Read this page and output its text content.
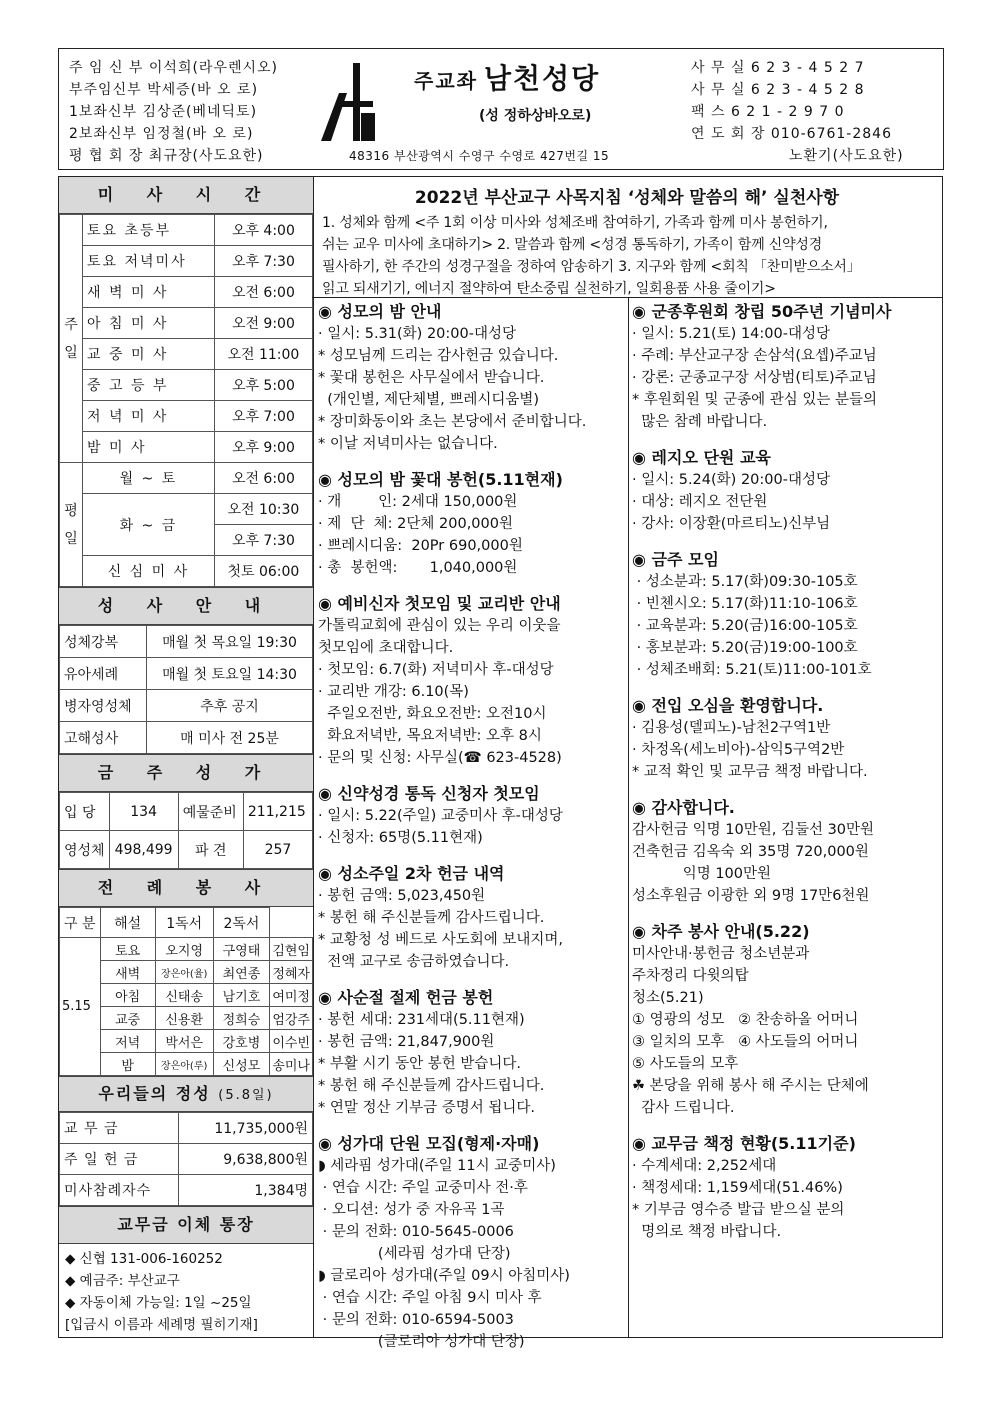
주 임 신 부 이석희(라우렌시오)
부주임신부 박세증(바 오 로)
1보좌신부 김상준(베네딕토)
2보좌신부 임정철(바 오 로)
평 협 회 장 최규장(사도요한)
주교좌 남천성당
(성 정하상바오로)
48316 부산광역시 수영구 수영로 427번길 15
사 무 실 6 2 3 - 4 5 2 7
사 무 실 6 2 3 - 4 5 2 8
팩 스 6 2 1 - 2 9 7 0
연 도 회 장 010-6761-2846
노환기(사도요한)
미 사 시 간
주일	토요 초등부	오후 4:00
	토요 저녁미사	오후 7:30
	새 벽 미 사	오전 6:00
	아 침 미 사	오전 9:00
	교 중 미 사	오전 11:00
	중 고 등 부	오후 5:00
	저 녁 미 사	오후 7:00
	밤 미 사	오후 9:00
평일	월 ~ 토	오전 6:00
	화 ~ 금	오전 10:30
		오후 7:30
	신 심 미 사	첫토 06:00
성 사 안 내
성체강복	매월 첫 목요일 19:30
유아세례	매월 첫 토요일 14:30
병자영성체	추후 공지
고해성사	매 미사 전 25분
금 주 성 가
입 당	134	예물준비	211,215
영성체	498,499	파 견	257
전 례 봉 사
구 분	해설	1독서	2독서	
5.15	토요	오지영	구영태	김현임
	새벽	장은아(율)	최연종	정혜자
	아침	신태송	남기호	여미정
	교중	신용환	정희승	엄강주
	저녁	박서은	강호병	이수빈
	밤	장은아(루)	신성모	송미나
우리들의 정성 (5.8일)
교 무 금	11,735,000원
주 일 헌 금	9,638,800원
미사참례자수	1,384명
교무금 이체 통장
◆ 신협 131-006-160252
◆ 예금주: 부산교구
◆ 자동이체 가능일: 1일 ~25일
[입금시 이름과 세례명 필히기재]
2022년 부산교구 사목지침 ‘성체와 말씀의 해’ 실천사항
1. 성체와 함께 <주 1회 이상 미사와 성체조배 참여하기, 가족과 함께 미사 봉헌하기,
쉬는 교우 미사에 초대하기> 2. 말씀과 함께 <성경 통독하기, 가족이 함께 신약성경
필사하기, 한 주간의 성경구절을 정하여 암송하기 3. 지구와 함께 <회칙 「찬미받으소서」
읽고 되새기기, 에너지 절약하여 탄소중립 실천하기, 일회용품 사용 줄이기>
◉ 성모의 밤 안내
· 일시: 5.31(화) 20:00-대성당
* 성모님께 드리는 감사헌금 있습니다.
* 꽃대 봉헌은 사무실에서 받습니다.
(개인별, 제단체별, 쁘레시디움별)
* 장미화동이와 초는 본당에서 준비합니다.
* 이날 저녁미사는 없습니다.
◉ 성모의 밤 꽃대 봉헌(5.11현재)
· 개        인: 2세대 150,000원
· 제  단  체: 2단체 200,000원
· 쁘레시디움:  20Pr 690,000원
· 총  봉헌액:       1,040,000원
◉ 예비신자 첫모임 및 교리반 안내
가톨릭교회에 관심이 있는 우리 이웃을
첫모임에 초대합니다.
· 첫모임: 6.7(화) 저녁미사 후-대성당
· 교리반 개강: 6.10(목)
주일오전반, 화요오전반: 오전10시
화요저녁반, 목요저녁반: 오후 8시
· 문의 및 신청: 사무실(☎ 623-4528)
◉ 신약성경 통독 신청자 첫모임
· 일시: 5.22(주일) 교중미사 후-대성당
· 신청자: 65명(5.11현재)
◉ 성소주일 2차 헌금 내역
· 봉헌 금액: 5,023,450원
* 봉헌 해 주신분들께 감사드립니다.
* 교황청 성 베드로 사도회에 보내지며,
전액 교구로 송금하였습니다.
◉ 사순절 절제 헌금 봉헌
· 봉헌 세대: 231세대(5.11현재)
· 봉헌 금액: 21,847,900원
* 부활 시기 동안 봉헌 받습니다.
* 봉헌 해 주신분들께 감사드립니다.
* 연말 정산 기부금 증명서 됩니다.
◉ 성가대 단원 모집(형제·자매)
◗ 세라핌 성가대(주일 11시 교중미사)
· 연습 시간: 주일 교중미사 전·후
· 오디션: 성가 중 자유곡 1곡
· 문의 전화: 010-5645-0006
(세라핌 성가대 단장)
◗ 글로리아 성가대(주일 09시 아침미사)
· 연습 시간: 주일 아침 9시 미사 후
· 문의 전화: 010-6594-5003
(글로리아 성가대 단장)
◉ 군종후원회 창립 50주년 기념미사
· 일시: 5.21(토) 14:00-대성당
· 주례: 부산교구장 손삼석(요셉)주교님
· 강론: 군종교구장 서상범(티토)주교님
* 후원회원 및 군종에 관심 있는 분들의
많은 참례 바랍니다.
◉ 레지오 단원 교육
· 일시: 5.24(화) 20:00-대성당
· 대상: 레지오 전단원
· 강사: 이장환(마르티노)신부님
◉ 금주 모임
· 성소분과: 5.17(화)09:30-105호
· 빈첸시오: 5.17(화)11:10-106호
· 교육분과: 5.20(금)16:00-105호
· 홍보분과: 5.20(금)19:00-100호
· 성체조배회: 5.21(토)11:00-101호
◉ 전입 오심을 환영합니다.
· 김용성(델피노)-남천2구역1반
· 차정옥(세노비아)-삼익5구역2반
* 교적 확인 및 교무금 책정 바랍니다.
◉ 감사합니다.
감사헌금 익명 10만원, 김둘선 30만원
건축헌금 김옥숙 외 35명 720,000원
익명 100만원
성소후원금 이광한 외 9명 17만6천원
◉ 차주 봉사 안내(5.22)
미사안내·봉헌금 청소년분과
주차정리 다윗의탑
청소(5.21)
① 영광의 성모   ② 찬송하올 어머니
③ 일치의 모후   ④ 사도들의 어머니
⑤ 사도들의 모후
☘ 본당을 위해 봉사 해 주시는 단체에
감사 드립니다.
◉ 교무금 책정 현황(5.11기준)
· 수계세대: 2,252세대
· 책정세대: 1,159세대(51.46%)
* 기부금 영수증 발급 받으실 분의
명의로 책정 바랍니다.
